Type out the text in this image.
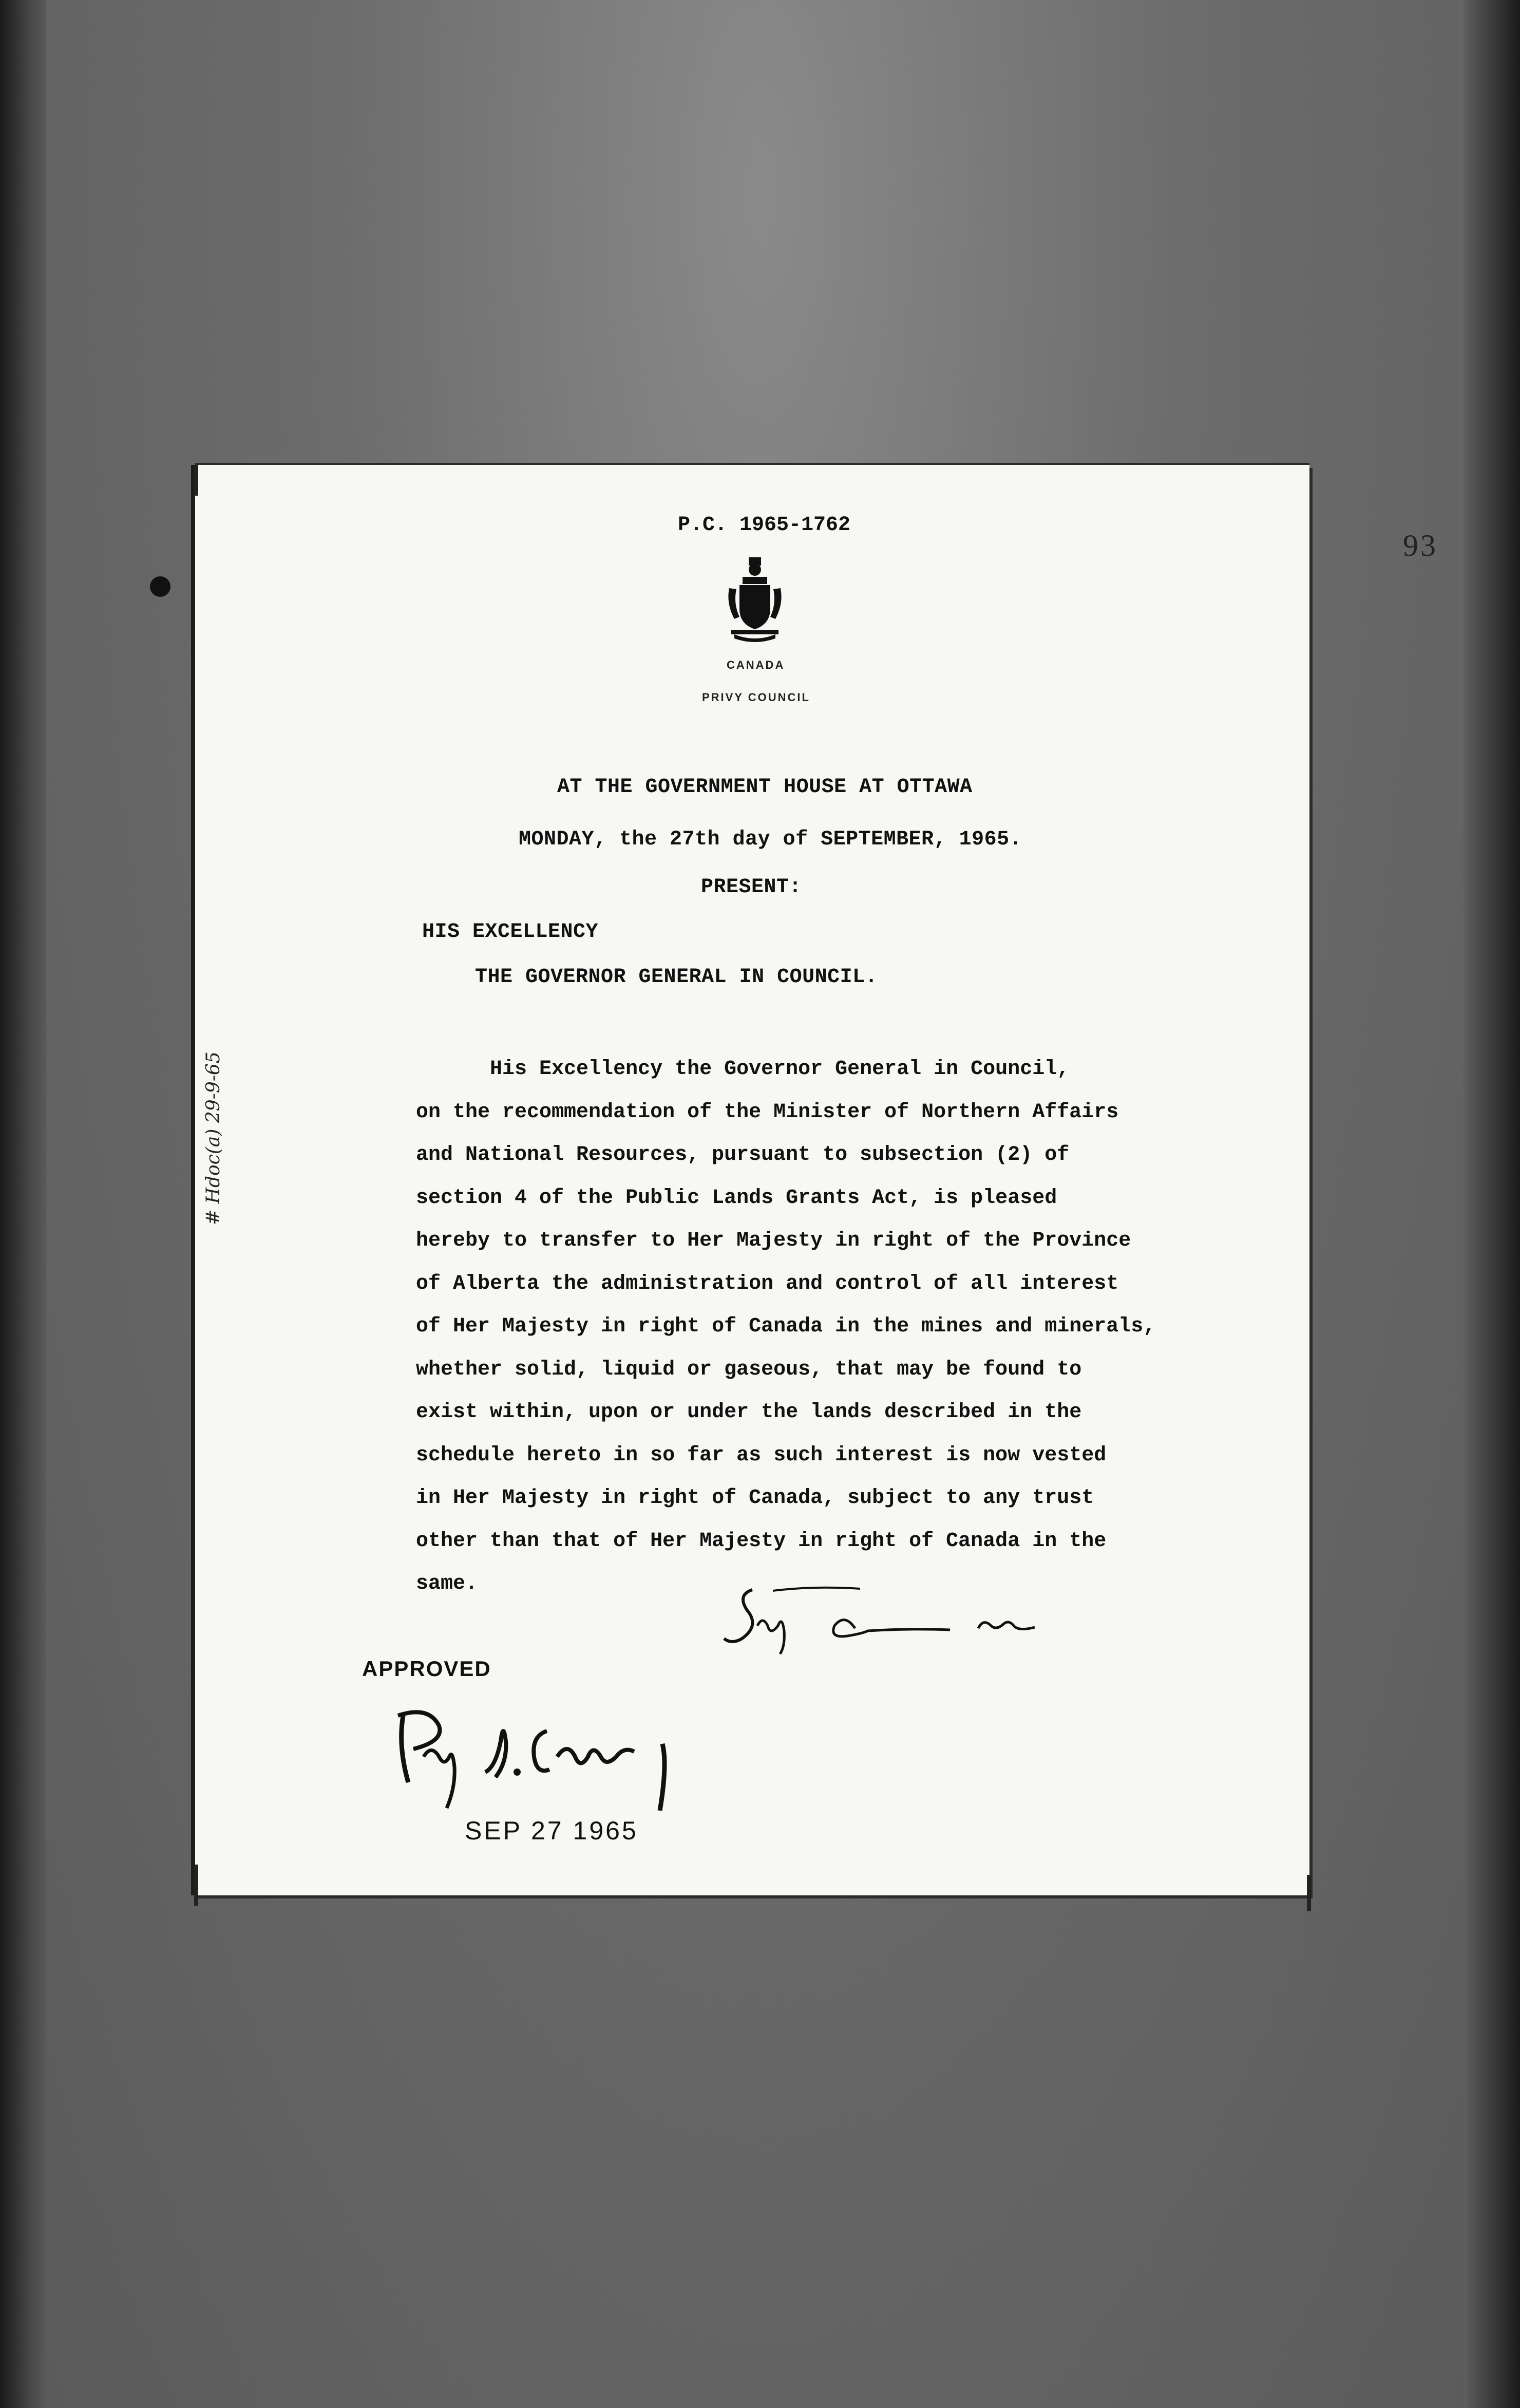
93
P.C. 1965-1762
CANADA
PRIVY COUNCIL
AT THE GOVERNMENT HOUSE AT OTTAWA
MONDAY, the 27th day of SEPTEMBER, 1965.
PRESENT:
HIS EXCELLENCY
THE GOVERNOR GENERAL IN COUNCIL.
His Excellency the Governor General in Council,
on the recommendation of the Minister of Northern Affairs
and National Resources, pursuant to subsection (2) of
section 4 of the Public Lands Grants Act, is pleased
hereby to transfer to Her Majesty in right of the Province
of Alberta the administration and control of all interest
of Her Majesty in right of Canada in the mines and minerals,
whether solid, liquid or gaseous, that may be found to
exist within, upon or under the lands described in the
schedule hereto in so far as such interest is now vested
in Her Majesty in right of Canada, subject to any trust
other than that of Her Majesty in right of Canada in the
same.
APPROVED
SEP 27 1965
# Hdoc(a) 29-9-65
